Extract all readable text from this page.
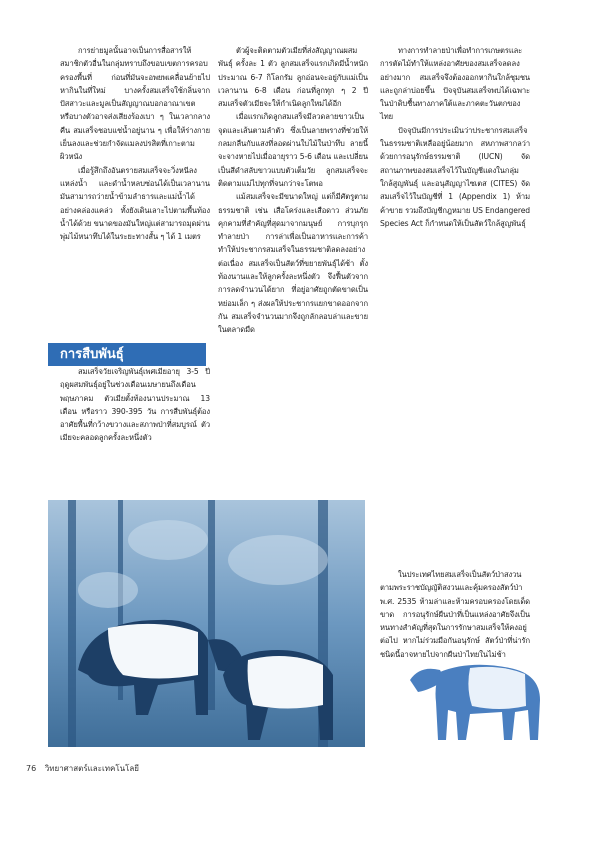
การย่ายมูลนั้นอาจเป็นการสื่อสารให้สมาชิกตัวอื่นในกลุ่มทราบถึงขอบเขตการครอบครองพื้นที่ ก่อนที่มันจะอพยพเคลื่อนย้ายไปหากินในที่ใหม่ บางครั้งสมเสร็จใช้กลิ่นจากปัสสาวะและมูลเป็นสัญญาณบอกอาณาเขต หรือบางตัวอาจส่งเสียงร้องเบา ๆ ในเวลากลางคืน สมเสร็จชอบแช่น้ำอยู่นาน ๆ เพื่อให้ร่างกายเย็นลงและช่วยกำจัดแมลงปรสิตที่เกาะตามผิวหนัง

เมื่อรู้สึกถึงอันตรายสมเสร็จจะวิ่งหนีลงแหล่งน้ำ และดำน้ำหลบซ่อนได้เป็นเวลานาน มันสามารถว่ายน้ำข้ามลำธารและแม่น้ำได้อย่างคล่องแคล่ว ทั้งยังเดินเลาะไปตามพื้นท้องน้ำได้ด้วย ขนาดของมันใหญ่แต่สามารถมุดผ่านพุ่มไม้หนาทึบได้ในระยะทางสั้น ๆ ได้ 1 เมตร

การสืบพันธุ์

สมเสร็จวัยเจริญพันธุ์เพศเมียอายุ 3-5 ปี ฤดูผสมพันธุ์อยู่ในช่วงเดือนเมษายนถึงเดือนพฤษภาคม ตัวเมียตั้งท้องนานประมาณ 13 เดือน หรือราว 390-395 วัน การสืบพันธุ์ต้องอาศัยพื้นที่กว้างขวางและสภาพป่าที่สมบูรณ์ ตัวเมียจะคลอดลูกครั้งละหนึ่งตัว

ตัวผู้จะติดตามตัวเมียที่ส่งสัญญาณผสมพันธุ์ ครั้งละ 1 ตัว ลูกสมเสร็จแรกเกิดมีน้ำหนักประมาณ 6-7 กิโลกรัม ลูกอ่อนจะอยู่กับแม่เป็นเวลานาน 6-8 เดือน ก่อนที่ลูกทุก ๆ 2 ปี สมเสร็จตัวเมียจะให้กำเนิดลูกใหม่ได้อีก

เมื่อแรกเกิดลูกสมเสร็จมีลวดลายขาวเป็นจุดและเส้นตามลำตัว ซึ่งเป็นลายพรางที่ช่วยให้กลมกลืนกับแสงที่ลอดผ่านใบไม้ในป่าทึบ ลายนี้จะจางหายไปเมื่ออายุราว 5-6 เดือน และเปลี่ยนเป็นสีดำสลับขาวแบบตัวเต็มวัย ลูกสมเสร็จจะติดตามแม่ไปทุกที่จนกว่าจะโตพอ

แม้สมเสร็จจะมีขนาดใหญ่ แต่ก็มีศัตรูตามธรรมชาติ เช่น เสือโคร่งและเสือดาว ส่วนภัยคุกคามที่สำคัญที่สุดมาจากมนุษย์ การบุกรุกทำลายป่า การล่าเพื่อเป็นอาหารและการค้า ทำให้ประชากรสมเสร็จในธรรมชาติลดลงอย่างต่อเนื่อง สมเสร็จเป็นสัตว์ที่ขยายพันธุ์ได้ช้า ตั้งท้องนานและให้ลูกครั้งละหนึ่งตัว จึงฟื้นตัวจากการลดจำนวนได้ยาก ที่อยู่อาศัยถูกตัดขาดเป็นหย่อมเล็ก ๆ ส่งผลให้ประชากรแยกขาดออกจากกัน สมเสร็จจำนวนมากจึงถูกลักลอบล่าและขายในตลาดมืด

ทางการทำลายป่าเพื่อทำการเกษตรและการตัดไม้ทำให้แหล่งอาศัยของสมเสร็จลดลงอย่างมาก สมเสร็จจึงต้องออกหากินใกล้ชุมชนและถูกล่าบ่อยขึ้น ปัจจุบันสมเสร็จพบได้เฉพาะในป่าดิบชื้นทางภาคใต้และภาคตะวันตกของไทย

ปัจจุบันมีการประเมินว่าประชากรสมเสร็จในธรรมชาติเหลืออยู่น้อยมาก สหภาพสากลว่าด้วยการอนุรักษ์ธรรมชาติ (IUCN) จัดสถานภาพของสมเสร็จไว้ในบัญชีแดงในกลุ่มใกล้สูญพันธุ์ และอนุสัญญาไซเตส (CITES) จัดสมเสร็จไว้ในบัญชีที่ 1 (Appendix 1) ห้ามค้าขาย รวมถึงบัญชีกฎหมาย US Endangered Species Act ก็กำหนดให้เป็นสัตว์ใกล้สูญพันธุ์

ในประเทศไทยสมเสร็จเป็นสัตว์ป่าสงวนตามพระราชบัญญัติสงวนและคุ้มครองสัตว์ป่า พ.ศ. 2535 ห้ามล่าและห้ามครอบครองโดยเด็ดขาด การอนุรักษ์ผืนป่าที่เป็นแหล่งอาศัยจึงเป็นหนทางสำคัญที่สุดในการรักษาสมเสร็จให้คงอยู่ต่อไป หากไม่ร่วมมือกันอนุรักษ์ สัตว์ป่าที่น่ารักชนิดนี้อาจหายไปจากผืนป่าไทยในไม่ช้า

76 วิทยาศาสตร์และเทคโนโลยี
